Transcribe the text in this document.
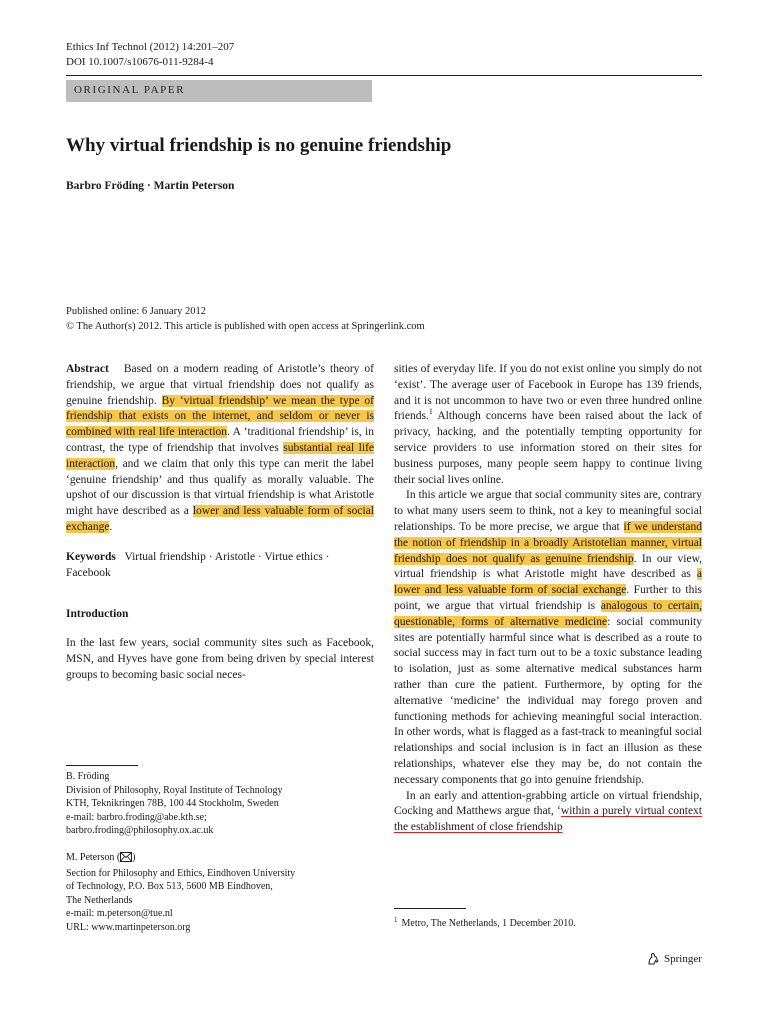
Ethics Inf Technol (2012) 14:201–207
DOI 10.1007/s10676-011-9284-4
ORIGINAL PAPER
Why virtual friendship is no genuine friendship
Barbro Fröding · Martin Peterson
Published online: 6 January 2012
© The Author(s) 2012. This article is published with open access at Springerlink.com

Abstract Based on a modern reading of Aristotle’s theory of friendship, we argue that virtual friendship does not qualify as genuine friendship. By ‘virtual friendship’ we mean the type of friendship that exists on the internet, and seldom or never is combined with real life interaction. A ‘traditional friendship’ is, in contrast, the type of friendship that involves substantial real life interaction, and we claim that only this type can merit the label ‘genuine friendship’ and thus qualify as morally valuable. The upshot of our discussion is that virtual friendship is what Aristotle might have described as a lower and less valuable form of social exchange.

Keywords Virtual friendship · Aristotle · Virtue ethics · Facebook

Introduction

In the last few years, social community sites such as Facebook, MSN, and Hyves have gone from being driven by special interest groups to becoming basic social neces-

sities of everyday life. If you do not exist online you simply do not ‘exist’. The average user of Facebook in Europe has 139 friends, and it is not uncommon to have two or even three hundred online friends.$^1$ Although concerns have been raised about the lack of privacy, hacking, and the potentially tempting opportunity for service providers to use information stored on their sites for business purposes, many people seem happy to continue living their social lives online.

In this article we argue that social community sites are, contrary to what many users seem to think, not a key to meaningful social relationships. To be more precise, we argue that if we understand the notion of friendship in a broadly Aristotelian manner, virtual friendship does not qualify as genuine friendship. In our view, virtual friendship is what Aristotle might have described as a lower and less valuable form of social exchange. Further to this point, we argue that virtual friendship is analogous to certain, questionable, forms of alternative medicine: social community sites are potentially harmful since what is described as a route to social success may in fact turn out to be a toxic substance leading to isolation, just as some alternative medical substances harm rather than cure the patient. Furthermore, by opting for the alternative ‘medicine’ the individual may forego proven and functioning methods for achieving meaningful social interaction. In other words, what is flagged as a fast-track to meaningful social relationships and social inclusion is in fact an illusion as these relationships, whatever else they may be, do not contain the necessary components that go into genuine friendship.

In an early and attention-grabbing article on virtual friendship, Cocking and Matthews argue that, ‘within a purely virtual context the establishment of close friendship

B. Fröding
Division of Philosophy, Royal Institute of Technology
KTH, Teknikringen 78B, 100 44 Stockholm, Sweden
e-mail: barbro.froding@abe.kth.se;
barbro.froding@philosophy.ox.ac.uk
M. Peterson ( )
Section for Philosophy and Ethics, Eindhoven University
of Technology, P.O. Box 513, 5600 MB Eindhoven,
The Netherlands
e-mail: m.peterson@tue.nl
URL: www.martinpeterson.org
$^1$ Metro, The Netherlands, 1 December 2010.
Springer
